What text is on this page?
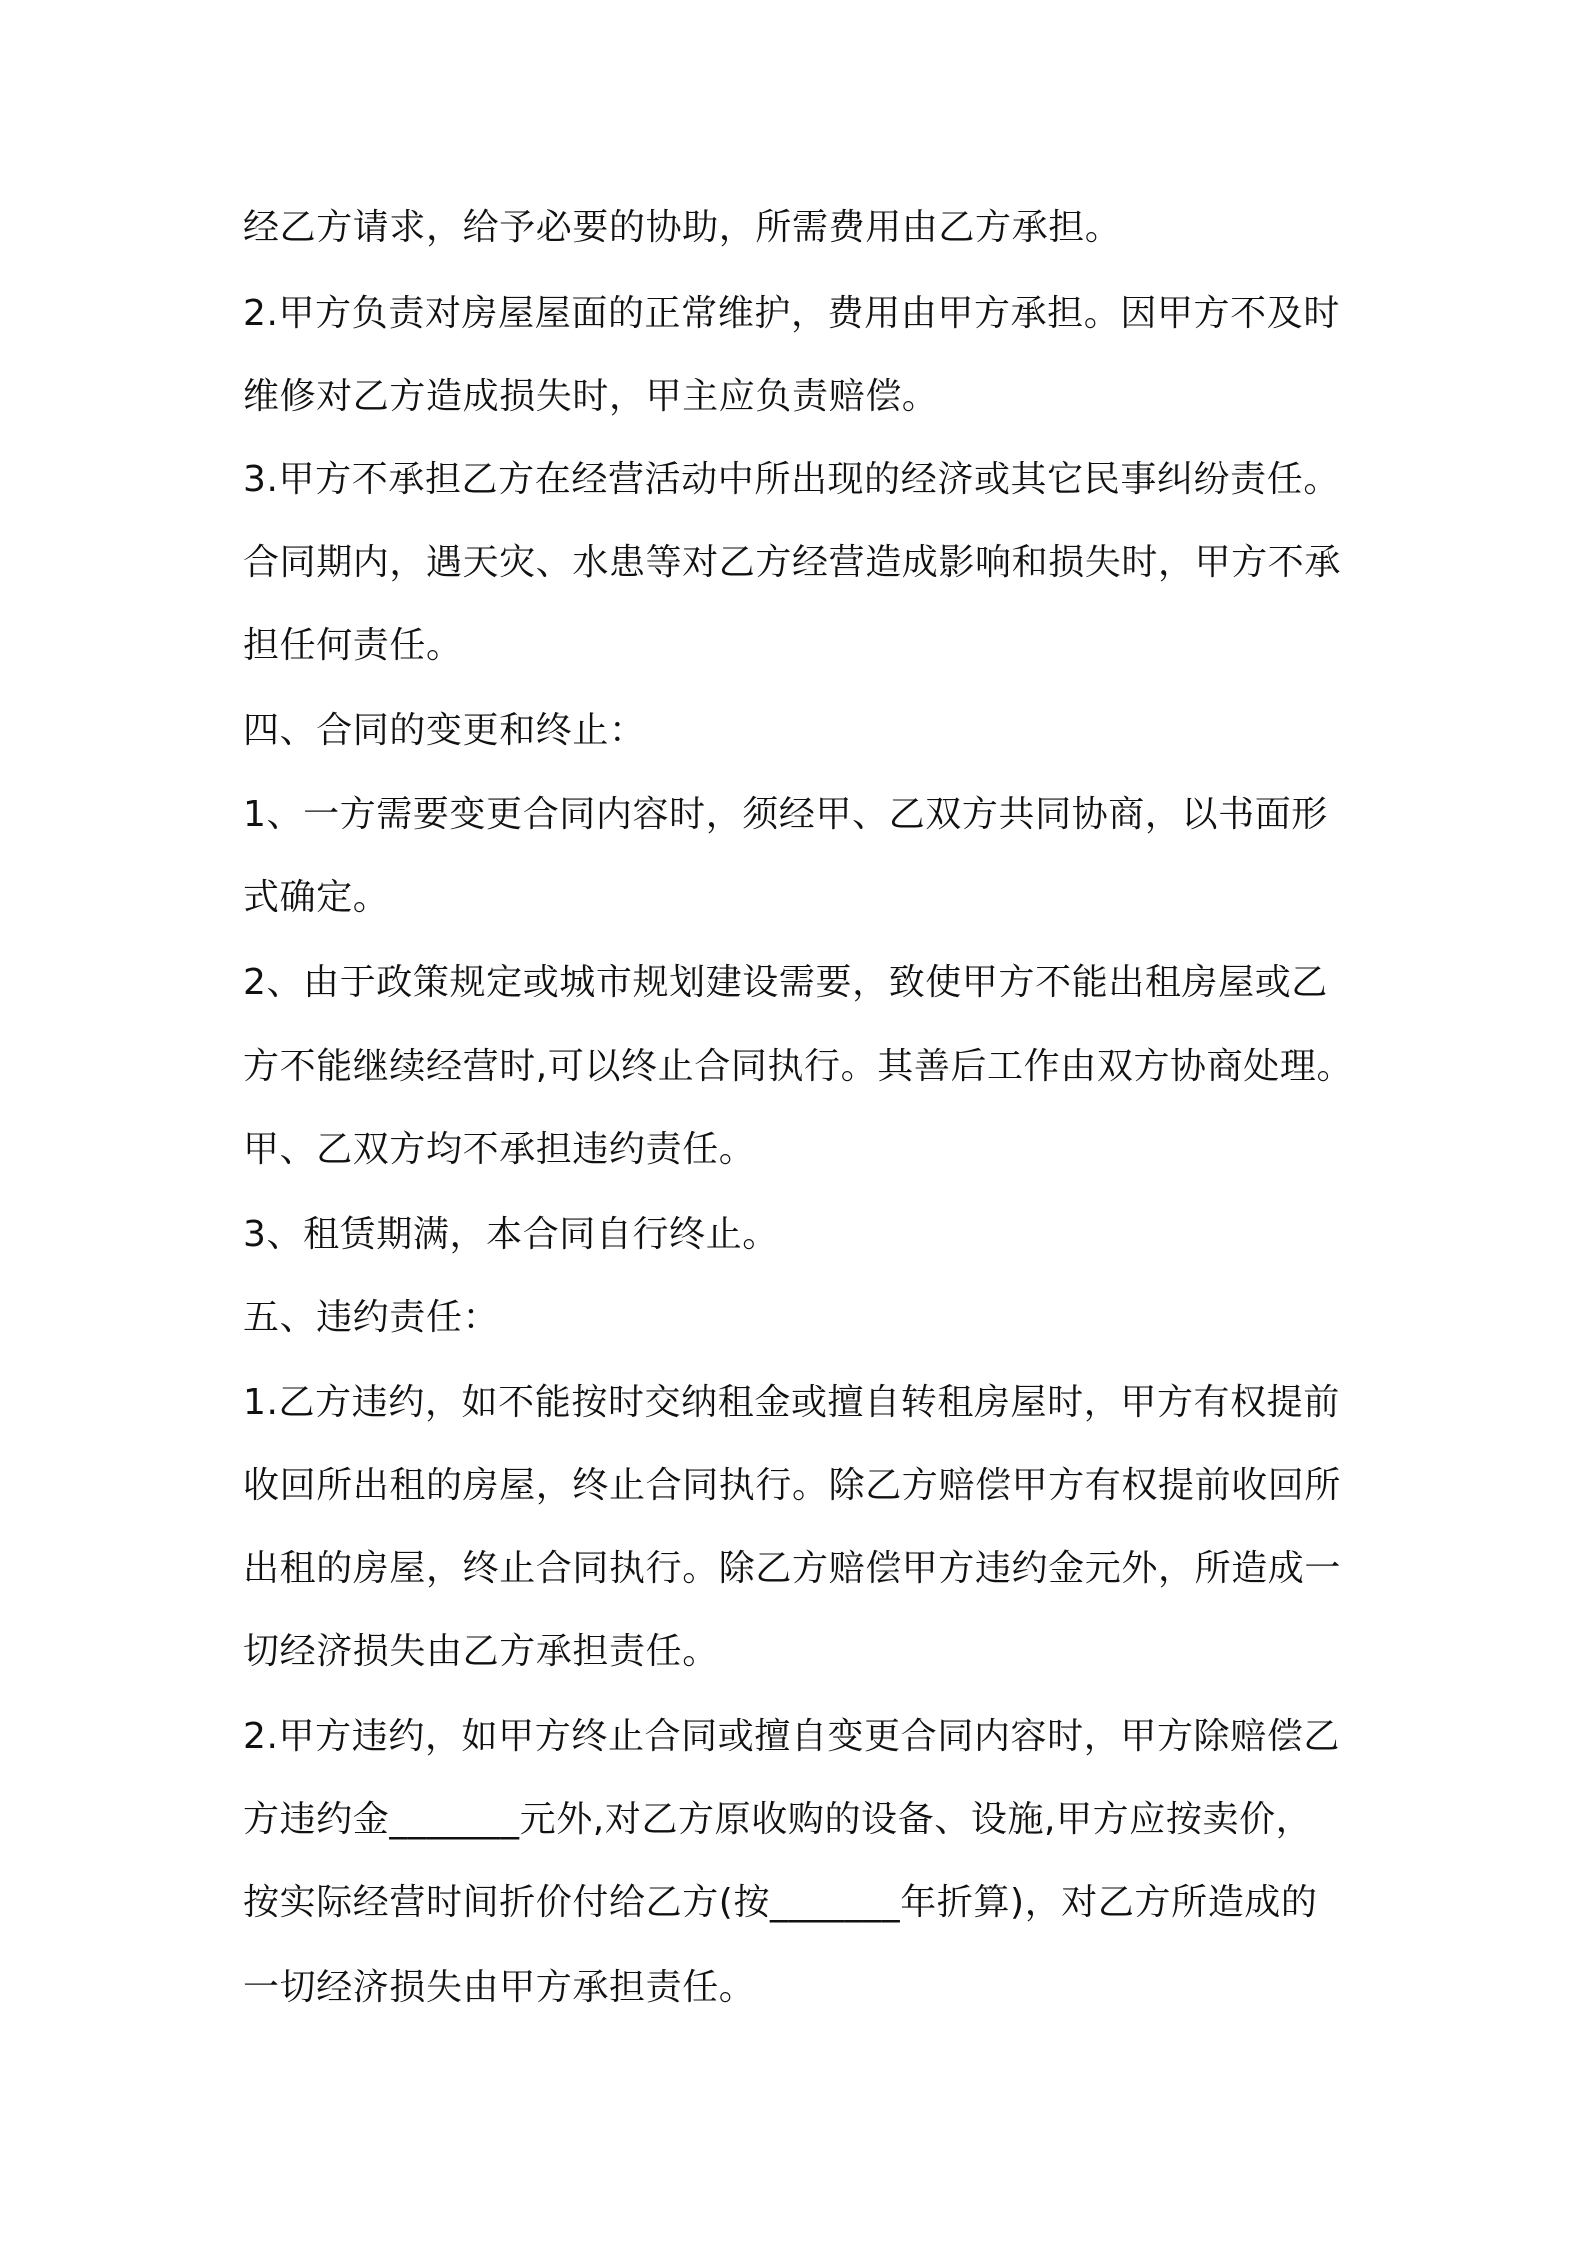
经乙方请求，给予必要的协助，所需费用由乙方承担。
2.甲方负责对房屋屋面的正常维护，费用由甲方承担。因甲方不及时
维修对乙方造成损失时，甲主应负责赔偿。
3.甲方不承担乙方在经营活动中所出现的经济或其它民事纠纷责任。
合同期内，遇天灾、水患等对乙方经营造成影响和损失时，甲方不承
担任何责任。
四、合同的变更和终止：
1、一方需要变更合同内容时，须经甲、乙双方共同协商，以书面形
式确定。
2、由于政策规定或城市规划建设需要，致使甲方不能出租房屋或乙
方不能继续经营时,可以终止合同执行。其善后工作由双方协商处理。
甲、乙双方均不承担违约责任。
3、租赁期满，本合同自行终止。
五、违约责任：
1.乙方违约，如不能按时交纳租金或擅自转租房屋时，甲方有权提前
收回所出租的房屋，终止合同执行。除乙方赔偿甲方有权提前收回所
出租的房屋，终止合同执行。除乙方赔偿甲方违约金元外，所造成一
切经济损失由乙方承担责任。
2.甲方违约，如甲方终止合同或擅自变更合同内容时，甲方除赔偿乙
方违约金_______元外,对乙方原收购的设备、设施,甲方应按卖价，
按实际经营时间折价付给乙方(按_______年折算)，对乙方所造成的
一切经济损失由甲方承担责任。
